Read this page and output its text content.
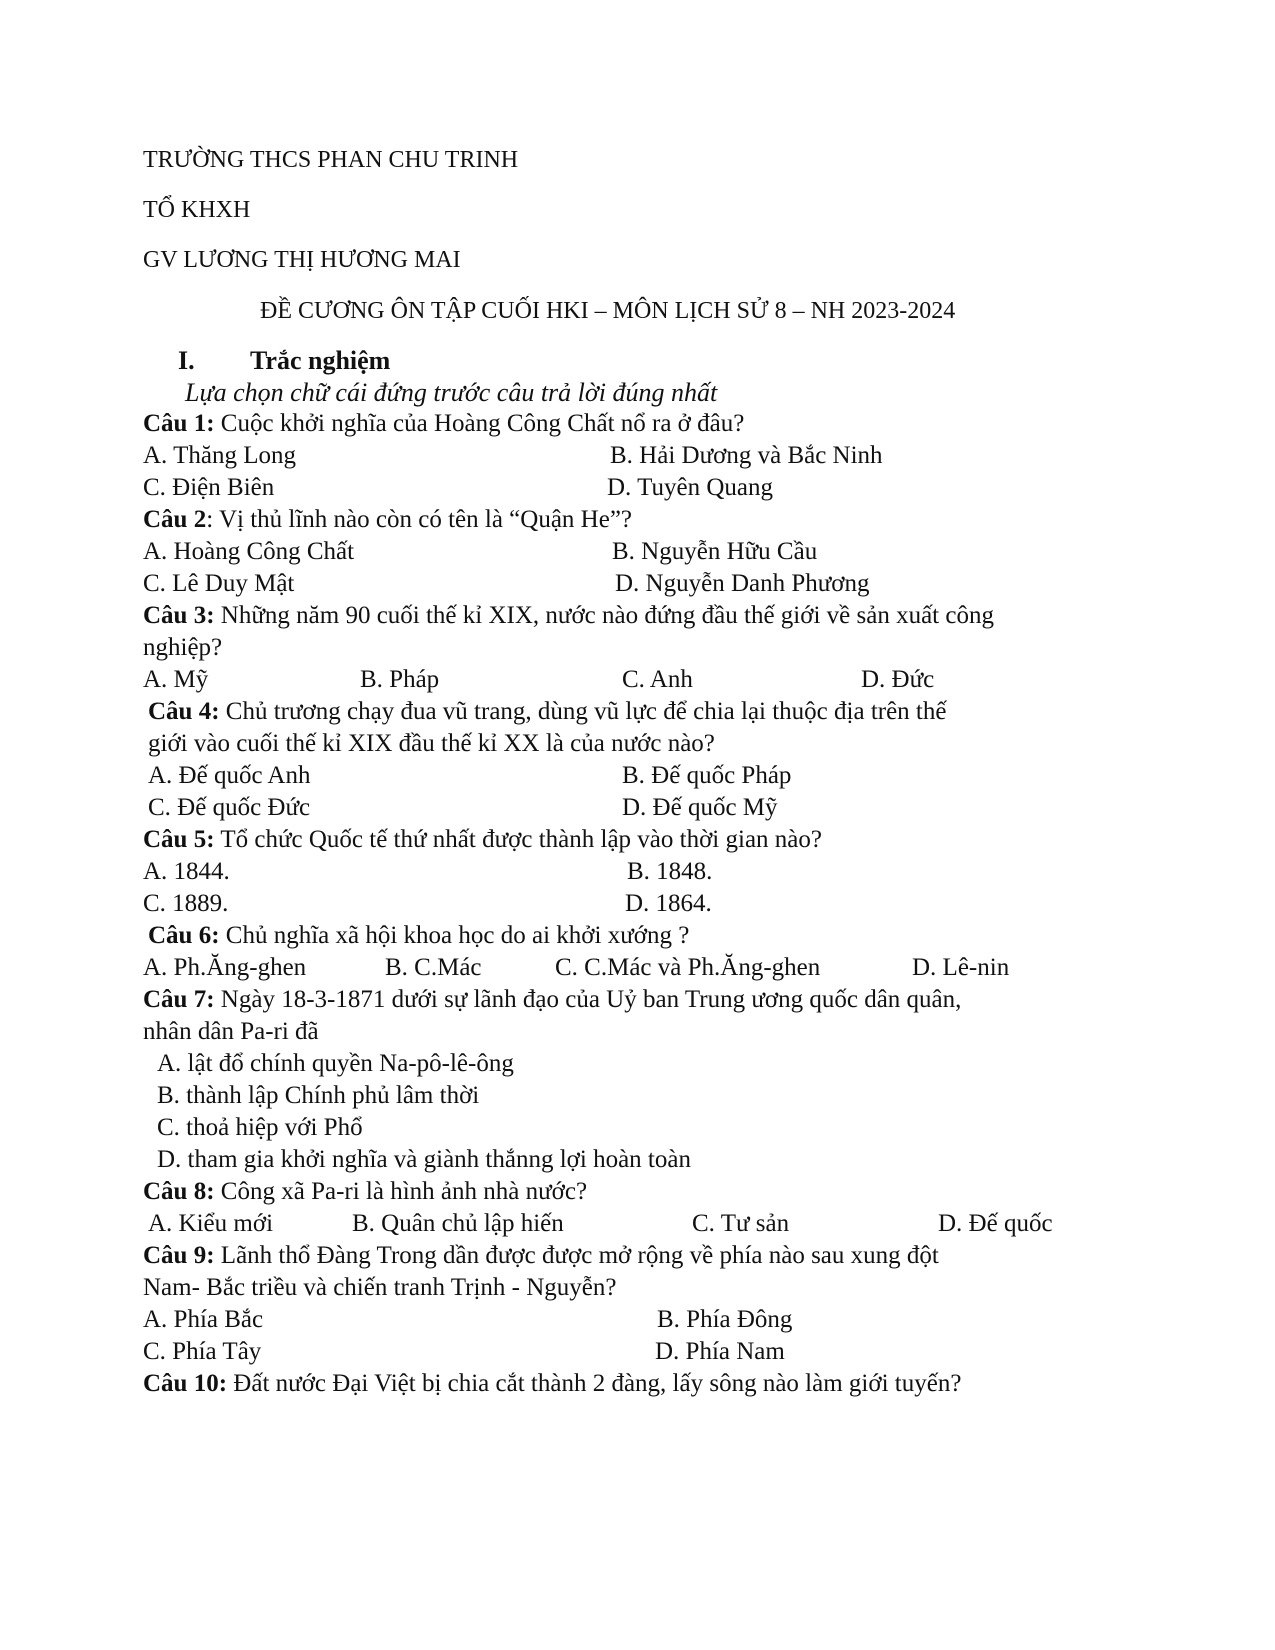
TRƯỜNG THCS PHAN CHU TRINH
TỔ KHXH
GV LƯƠNG THỊ HƯƠNG MAI
ĐỀ CƯƠNG ÔN TẬP CUỐI HKI – MÔN LỊCH SỬ 8 – NH 2023-2024
I. Trắc nghiệm
Lựa chọn chữ cái đứng trước câu trả lời đúng nhất
Câu 1: Cuộc khởi nghĩa của Hoàng Công Chất nổ ra ở đâu?
A. Thăng Long	B. Hải Dương và Bắc Ninh
C. Điện Biên	D. Tuyên Quang
Câu 2: Vị thủ lĩnh nào còn có tên là “Quận He”?
A. Hoàng Công Chất	B. Nguyễn Hữu Cầu
C. Lê Duy Mật	D. Nguyễn Danh Phương
Câu 3: Những năm 90 cuối thế kỉ XIX, nước nào đứng đầu thế giới về sản xuất công
nghiệp?
A. Mỹ	B. Pháp	C. Anh	D. Đức
Câu 4: Chủ trương chạy đua vũ trang, dùng vũ lực để chia lại thuộc địa trên thế
giới vào cuối thế kỉ XIX đầu thế kỉ XX là của nước nào?
A. Đế quốc Anh	B. Đế quốc Pháp
C. Đế quốc Đức	D. Đế quốc Mỹ
Câu 5: Tổ chức Quốc tế thứ nhất được thành lập vào thời gian nào?
A. 1844.	B. 1848.
C. 1889.	D. 1864.
Câu 6: Chủ nghĩa xã hội khoa học do ai khởi xướng ?
A. Ph.Ăng-ghen	B. C.Mác	C. C.Mác và Ph.Ăng-ghen	D. Lê-nin
Câu 7: Ngày 18-3-1871 dưới sự lãnh đạo của Uỷ ban Trung ương quốc dân quân,
nhân dân Pa-ri đã
A. lật đổ chính quyền Na-pô-lê-ông
B. thành lập Chính phủ lâm thời
C. thoả hiệp với Phổ
D. tham gia khởi nghĩa và giành thắnng lợi hoàn toàn
Câu 8: Công xã Pa-ri là hình ảnh nhà nước?
A. Kiểu mới	B. Quân chủ lập hiến	C. Tư sản	D. Đế quốc
Câu 9: Lãnh thổ Đàng Trong dần được được mở rộng về phía nào sau xung đột
Nam- Bắc triều và chiến tranh Trịnh - Nguyễn?
A. Phía Bắc	B. Phía Đông
C. Phía Tây	D. Phía Nam
Câu 10: Đất nước Đại Việt bị chia cắt thành 2 đàng, lấy sông nào làm giới tuyến?
